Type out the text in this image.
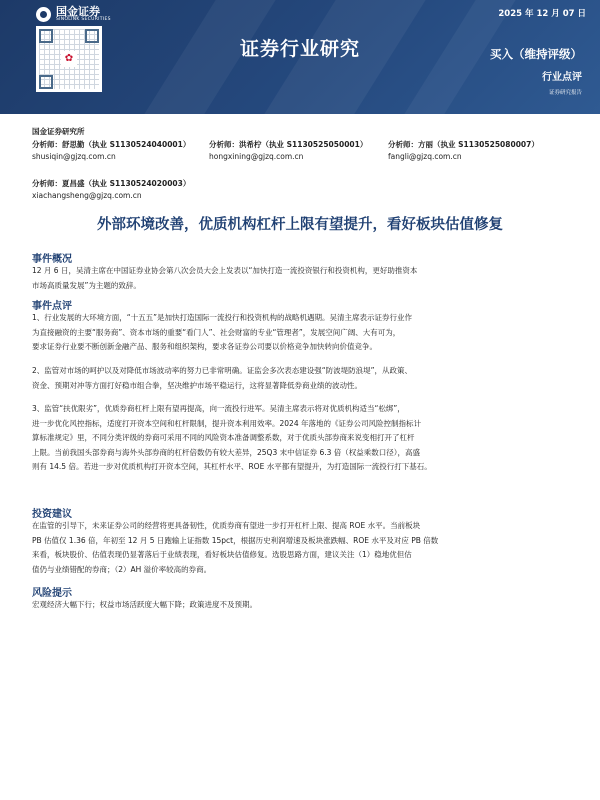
国金证券
SINOLINK SECURITIES
✿
2025 年 12 月 07 日
证券行业研究	买入（维持评级）
行业点评
证券研究报告
国金证券研究所
分析师：舒思勤（执业 S1130524040001）
shusiqin@gjzq.com.cn
分析师：洪希柠（执业 S1130525050001）
hongxining@gjzq.com.cn
分析师：方丽（执业 S1130525080007）
fangli@gjzq.com.cn
分析师：夏昌盛（执业 S1130524020003）
xiachangsheng@gjzq.com.cn
外部环境改善，优质机构杠杆上限有望提升，看好板块估值修复
事件概况
12 月 6 日，吴清主席在中国证券业协会第八次会员大会上发表以“加快打造一流投资银行和投资机构，更好助推资本
市场高质量发展”为主题的致辞。
事件点评
1、行业发展的大环境方面，“十五五”是加快打造国际一流投行和投资机构的战略机遇期。吴清主席表示证券行业作
为直接融资的主要“服务商”、资本市场的重要“看门人”、社会财富的专业“管理者”，发展空间广阔、大有可为，
要求证券行业要不断创新金融产品、服务和组织架构，要求各证券公司要以价格竞争加快转向价值竞争。
2、监管对市场的呵护以及对降低市场波动率的努力已非常明确。证监会多次表态建设强“防波堤防浪堤”，从政策、
资金、预期对冲等方面打好稳市组合拳，坚决维护市场平稳运行，这将显著降低券商业绩的波动性。
3、监管“扶优限劣”，优质券商杠杆上限有望再提高，向一流投行进军。吴清主席表示将对优质机构适当“松绑”，
进一步优化风控指标，适度打开资本空间和杠杆限制，提升资本利用效率。2024 年落地的《证券公司风险控制指标计
算标准规定》里，不同分类评级的券商可采用不同的风险资本准备调整系数，对于优质头部券商来说变相打开了杠杆
上限。当前我国头部券商与海外头部券商的杠杆倍数仍有较大差异，25Q3 末中信证券 6.3 倍（权益乘数口径），高盛
则有 14.5 倍。若进一步对优质机构打开资本空间，其杠杆水平、ROE 水平都有望提升，为打造国际一流投行打下基石。
投资建议
在监管的引导下，未来证券公司的经营将更具备韧性，优质券商有望进一步打开杠杆上限、提高 ROE 水平。当前板块
PB 估值仅 1.36 倍，年初至 12 月 5 日跑输上证指数 15pct，根据历史利润增速及板块涨跌幅、ROE 水平及对应 PB 倍数
来看，板块股价、估值表现仍显著落后于业绩表现，看好板块估值修复。选股思路方面，建议关注（1）稳地优但估
值仍与业绩错配的券商；（2）AH 溢价率较高的券商。
风险提示
宏观经济大幅下行；权益市场活跃度大幅下降；政策进度不及预期。
